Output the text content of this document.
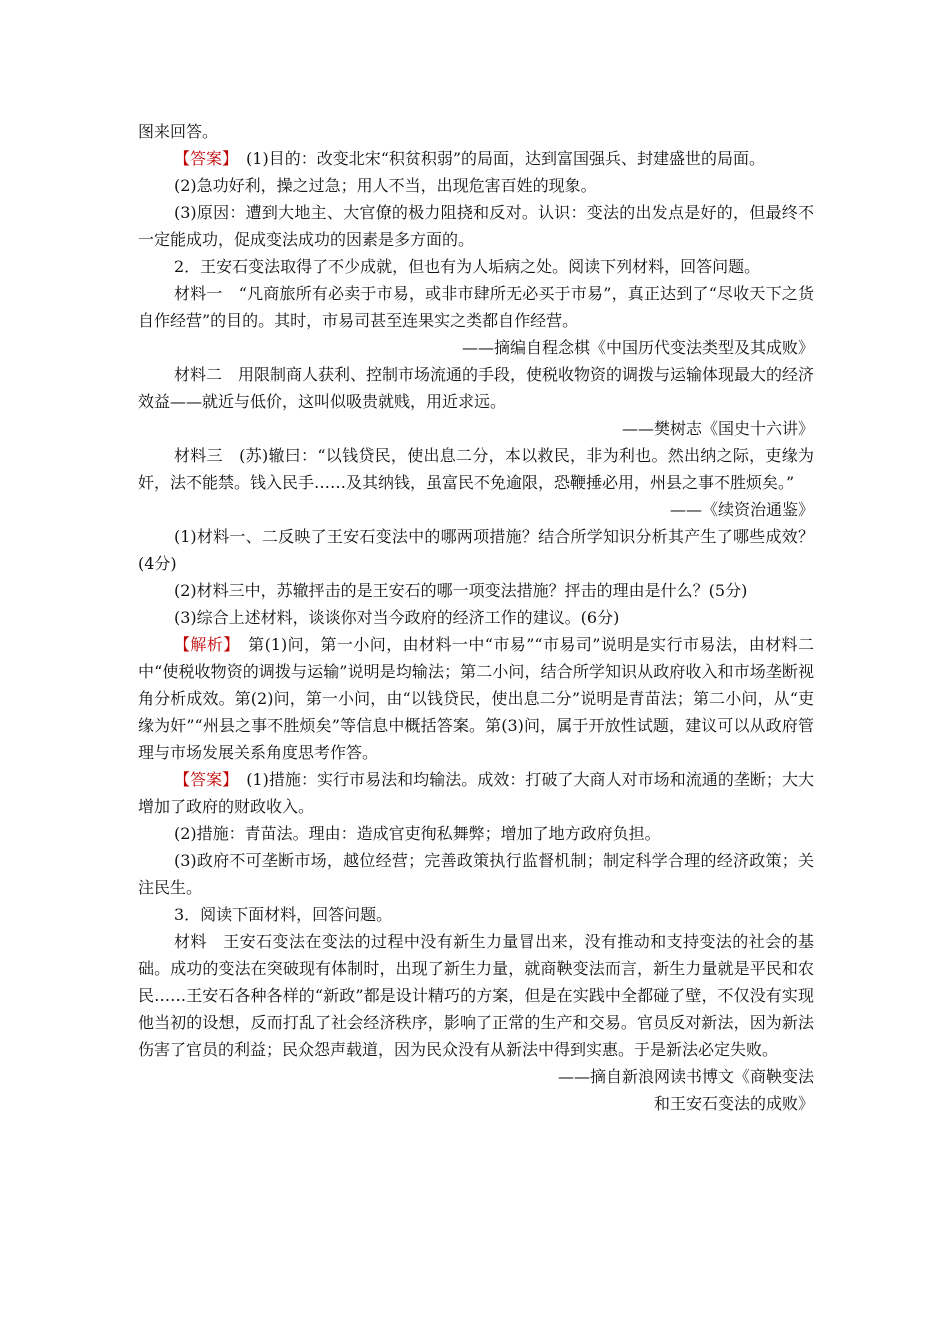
图来回答。

【答案】　 (1)目的：改变北宋“积贫积弱”的局面，达到富国强兵、封建盛世的局面。

(2)急功好利，操之过急；用人不当，出现危害百姓的现象。

(3)原因：遭到大地主、大官僚的极力阻挠和反对。认识：变法的出发点是好的，但最终不一定能成功，促成变法成功的因素是多方面的。

2．王安石变法取得了不少成就，但也有为人垢病之处。阅读下列材料，回答问题。

材料一　“凡商旅所有必卖于市易，或非市肆所无必买于市易”，真正达到了“尽收天下之货自作经营”的目的。其时，市易司甚至连果实之类都自作经营。

——摘编自程念棋《中国历代变法类型及其成败》

材料二　用限制商人获利、控制市场流通的手段，使税收物资的调拨与运输体现最大的经济效益——就近与低价，这叫似吸贵就贱，用近求远。

——樊树志《国史十六讲》

材料三　(苏)辙曰：“以钱贷民，使出息二分，本以救民，非为利也。然出纳之际，吏缘为奸，法不能禁。钱入民手……及其纳钱，虽富民不免逾限，恐鞭捶必用，州县之事不胜烦矣。”

——《续资治通鉴》

(1)材料一、二反映了王安石变法中的哪两项措施？结合所学知识分析其产生了哪些成效？(4分)

(2)材料三中，苏辙抨击的是王安石的哪一项变法措施？抨击的理由是什么？(5分)

(3)综合上述材料，谈谈你对当今政府的经济工作的建议。(6分)

【解析】　 第(1)问，第一小问，由材料一中“市易”“市易司”说明是实行市易法，由材料二中“使税收物资的调拨与运输”说明是均输法；第二小问，结合所学知识从政府收入和市场垄断视角分析成效。第(2)问，第一小问，由“以钱贷民，使出息二分”说明是青苗法；第二小问，从“吏缘为奸”“州县之事不胜烦矣”等信息中概括答案。第(3)问，属于开放性试题，建议可以从政府管理与市场发展关系角度思考作答。

【答案】　 (1)措施：实行市易法和均输法。成效：打破了大商人对市场和流通的垄断；大大增加了政府的财政收入。

(2)措施：青苗法。理由：造成官吏徇私舞弊；增加了地方政府负担。

(3)政府不可垄断市场，越位经营；完善政策执行监督机制；制定科学合理的经济政策；关注民生。

3．阅读下面材料，回答问题。

材料　王安石变法在变法的过程中没有新生力量冒出来，没有推动和支持变法的社会的基础。成功的变法在突破现有体制时，出现了新生力量，就商鞅变法而言，新生力量就是平民和农民……王安石各种各样的“新政”都是设计精巧的方案，但是在实践中全都碰了壁，不仅没有实现他当初的设想，反而打乱了社会经济秩序，影响了正常的生产和交易。官员反对新法，因为新法伤害了官员的利益；民众怨声载道，因为民众没有从新法中得到实惠。于是新法必定失败。

——摘自新浪网读书博文《商鞅变法

和王安石变法的成败》
